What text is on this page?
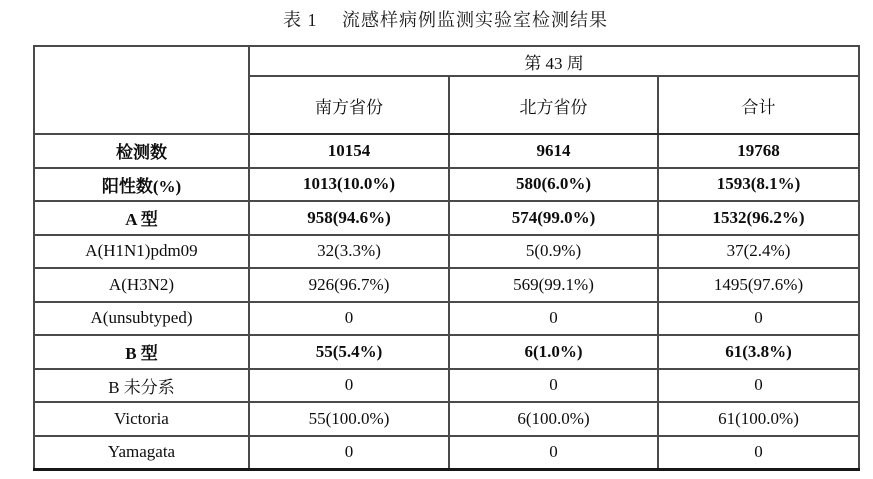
表 1　 流感样病例监测实验室检测结果
	第 43 周		
	南方省份	北方省份	合计
检测数	10154	9614	19768
阳性数(%)	1013(10.0%)	580(6.0%)	1593(8.1%)
A 型	958(94.6%)	574(99.0%)	1532(96.2%)
A(H1N1)pdm09	32(3.3%)	5(0.9%)	37(2.4%)
A(H3N2)	926(96.7%)	569(99.1%)	1495(97.6%)
A(unsubtyped)	0	0	0
B 型	55(5.4%)	6(1.0%)	61(3.8%)
B 未分系	0	0	0
Victoria	55(100.0%)	6(100.0%)	61(100.0%)
Yamagata	0	0	0
